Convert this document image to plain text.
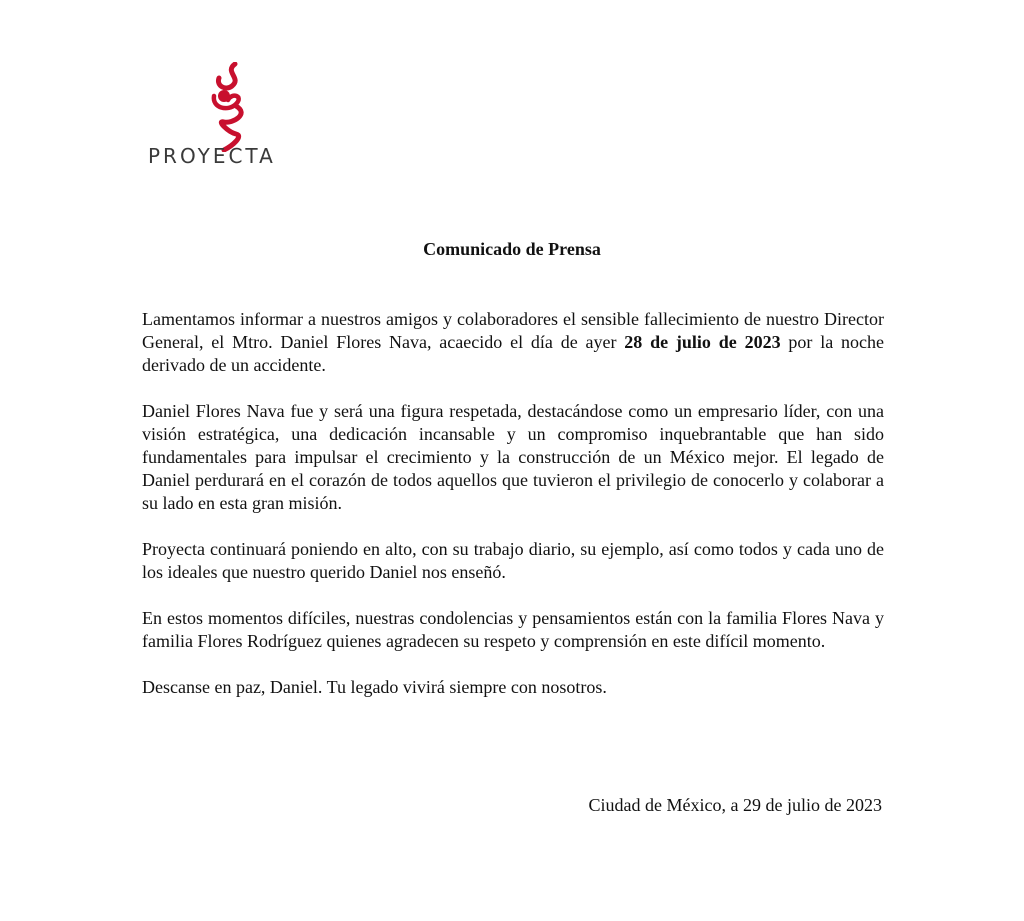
PROYECTA
Comunicado de Prensa

Lamentamos informar a nuestros amigos y colaboradores el sensible fallecimiento de nuestro Director General, el Mtro. Daniel Flores Nava, acaecido el día de ayer 28 de julio de 2023 por la noche derivado de un accidente.

Daniel Flores Nava fue y será una figura respetada, destacándose como un empresario líder, con una visión estratégica, una dedicación incansable y un compromiso inquebrantable que han sido fundamentales para impulsar el crecimiento y la construcción de un México mejor. El legado de Daniel perdurará en el corazón de todos aquellos que tuvieron el privilegio de conocerlo y colaborar a su lado en esta gran misión.

Proyecta continuará poniendo en alto, con su trabajo diario, su ejemplo, así como todos y cada uno de los ideales que nuestro querido Daniel nos enseñó.

En estos momentos difíciles, nuestras condolencias y pensamientos están con la familia Flores Nava y familia Flores Rodríguez quienes agradecen su respeto y comprensión en este difícil momento.

Descanse en paz, Daniel. Tu legado vivirá siempre con nosotros.

Ciudad de México, a 29 de julio de 2023
